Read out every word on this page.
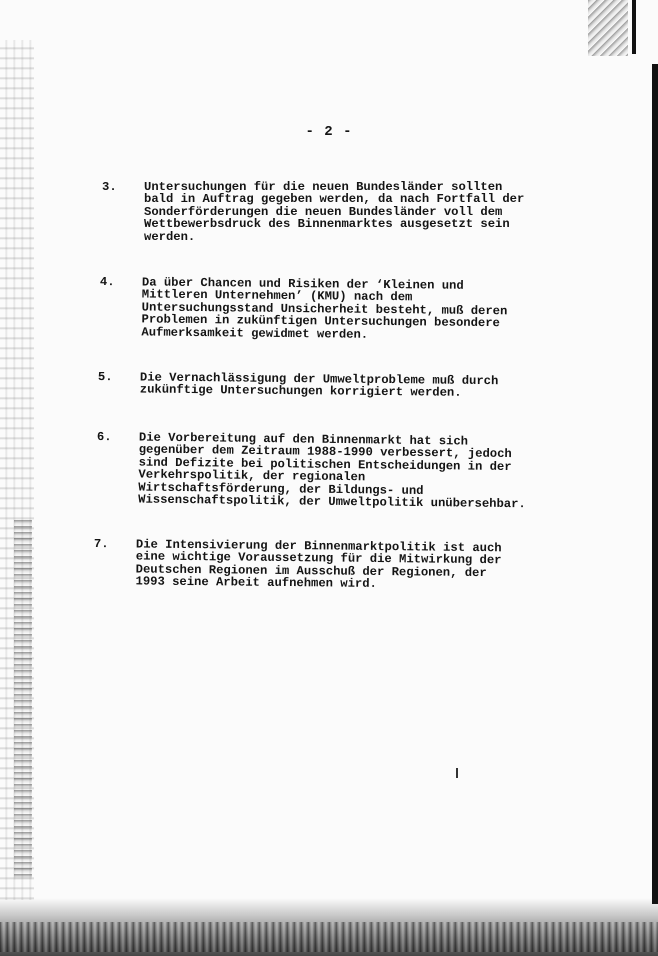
- 2 -
3.	Untersuchungen für die neuen Bundesländer sollten
bald in Auftrag gegeben werden, da nach Fortfall der
Sonderförderungen die neuen Bundesländer voll dem
Wettbewerbsdruck des Binnenmarktes ausgesetzt sein
werden.
4.	Da über Chancen und Risiken der ‘Kleinen und
Mittleren Unternehmen’ (KMU) nach dem
Untersuchungsstand Unsicherheit besteht, muß deren
Problemen in zukünftigen Untersuchungen besondere
Aufmerksamkeit gewidmet werden.
5.	Die Vernachlässigung der Umweltprobleme muß durch
zukünftige Untersuchungen korrigiert werden.
6.	Die Vorbereitung auf den Binnenmarkt hat sich
gegenüber dem Zeitraum 1988-1990 verbessert, jedoch
sind Defizite bei politischen Entscheidungen in der
Verkehrspolitik, der regionalen
Wirtschaftsförderung, der Bildungs- und
Wissenschaftspolitik, der Umweltpolitik unübersehbar.
7.	Die Intensivierung der Binnenmarktpolitik ist auch
eine wichtige Voraussetzung für die Mitwirkung der
Deutschen Regionen im Ausschuß der Regionen, der
1993 seine Arbeit aufnehmen wird.
